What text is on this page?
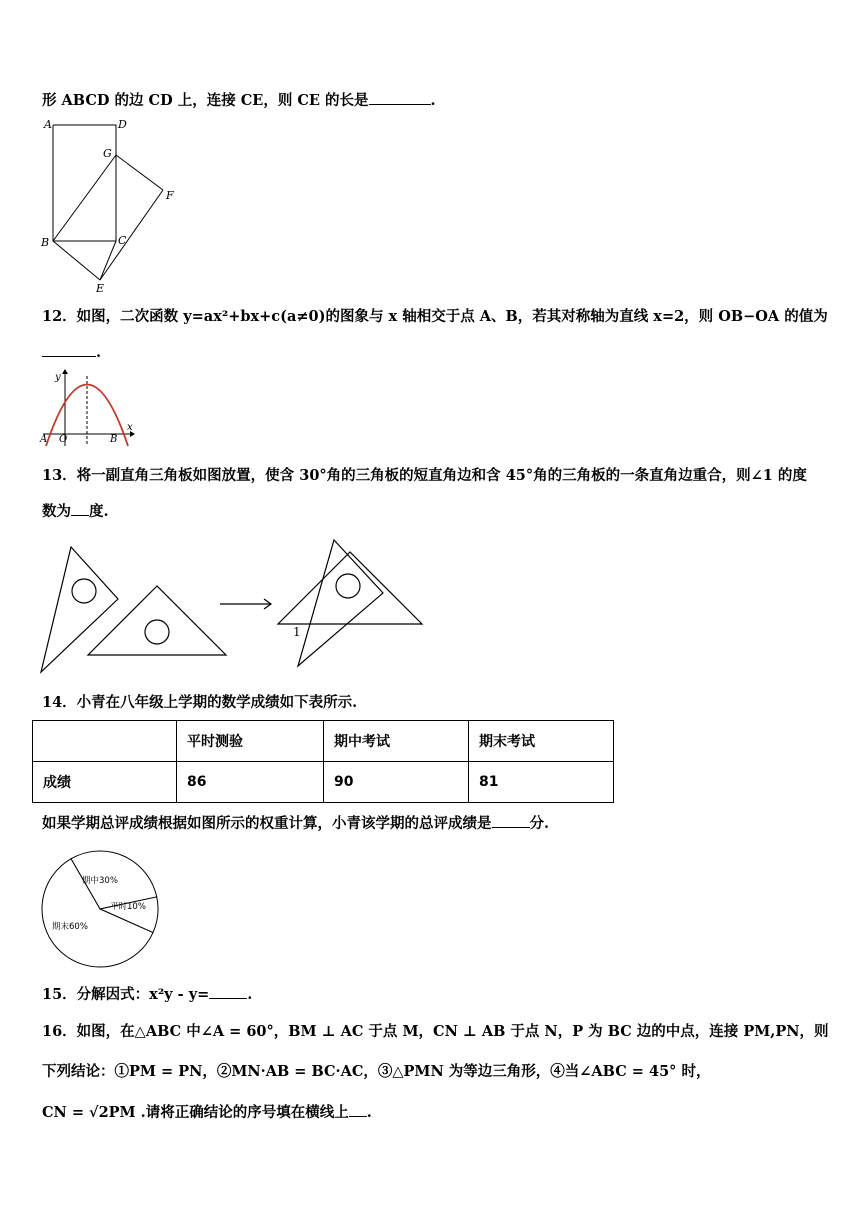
形 ABCD 的边 CD 上，连接 CE，则 CE 的长是	.
A	D
G
F
B	C
E
12．如图，二次函数 y=ax²+bx+c(a≠0)的图象与 x 轴相交于点 A、B，若其对称轴为直线 x=2，则 OB−OA 的值为
.
y
x
A O	B
13．将一副直角三角板如图放置，使含 30°角的三角板的短直角边和含 45°角的三角板的一条直角边重合，则∠1 的度
数为 度.
1
14．小青在八年级上学期的数学成绩如下表所示.
	平时测验	期中考试	期末考试
成绩	86	90	81
如果学期总评成绩根据如图所示的权重计算，小青该学期的总评成绩是	分.
期中30%
平时10%
期末60%
15．分解因式：x²y - y=	.
16．如图，在△ABC 中∠A = 60°，BM ⊥ AC 于点 M，CN ⊥ AB 于点 N，P 为 BC 边的中点，连接 PM,PN，则
下列结论：①PM = PN，②MN·AB = BC·AC，③△PMN 为等边三角形，④当∠ABC = 45° 时，
CN = √2PM .请将正确结论的序号填在横线上 .
